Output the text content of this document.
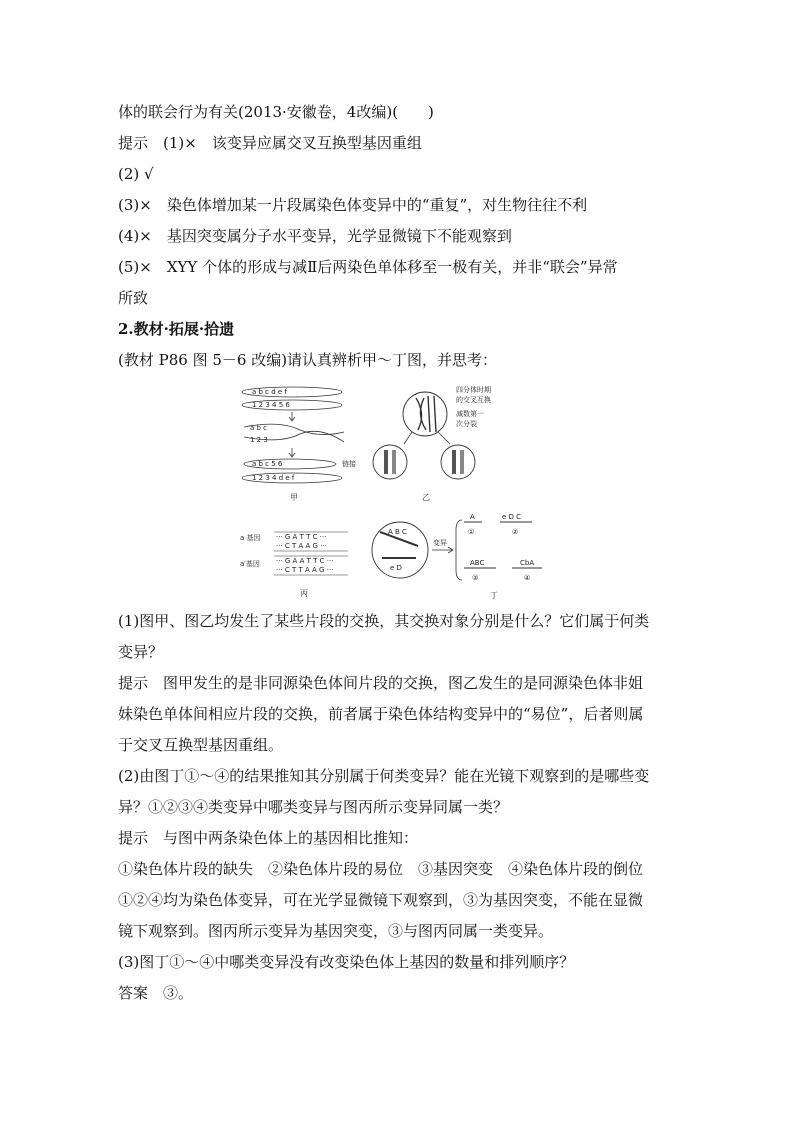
体的联会行为有关(2013·安徽卷，4改编)(　　)
提示　(1)×　该变异应属交叉互换型基因重组
(2) √
(3)×　染色体增加某一片段属染色体变异中的“重复”，对生物往往不利
(4)×　基因突变属分子水平变异，光学显微镜下不能观察到
(5)×　XYY 个体的形成与减Ⅱ后两染色单体移至一极有关，并非“联会”异常
所致
2.教材·拓展·拾遗
(教材 P86 图 5－6 改编)请认真辨析甲～丁图，并思考：
a b c d e f
1 2 3 4 5 6
a b c
1 2 3
a b c 5 6	链接
1 2 3 4 d e f
甲
四分体时期
的交叉互换
减数第一
次分裂
乙
a 基因 ··· G A T T C ···
··· C T A A G ···
a′基因 ··· G A A T T C ···
··· C T T A A G ···
丙
A B C
e D
变异
A
①
e D C
②
ABC
③
CbA
④
丁
(1)图甲、图乙均发生了某些片段的交换，其交换对象分别是什么？它们属于何类
变异？
提示　图甲发生的是非同源染色体间片段的交换，图乙发生的是同源染色体非姐
妹染色单体间相应片段的交换，前者属于染色体结构变异中的“易位”，后者则属
于交叉互换型基因重组。
(2)由图丁①～④的结果推知其分别属于何类变异？能在光镜下观察到的是哪些变
异？①②③④类变异中哪类变异与图丙所示变异同属一类？
提示　与图中两条染色体上的基因相比推知：
①染色体片段的缺失　②染色体片段的易位　③基因突变　④染色体片段的倒位
①②④均为染色体变异，可在光学显微镜下观察到，③为基因突变，不能在显微
镜下观察到。图丙所示变异为基因突变，③与图丙同属一类变异。
(3)图丁①～④中哪类变异没有改变染色体上基因的数量和排列顺序？
答案　③。
